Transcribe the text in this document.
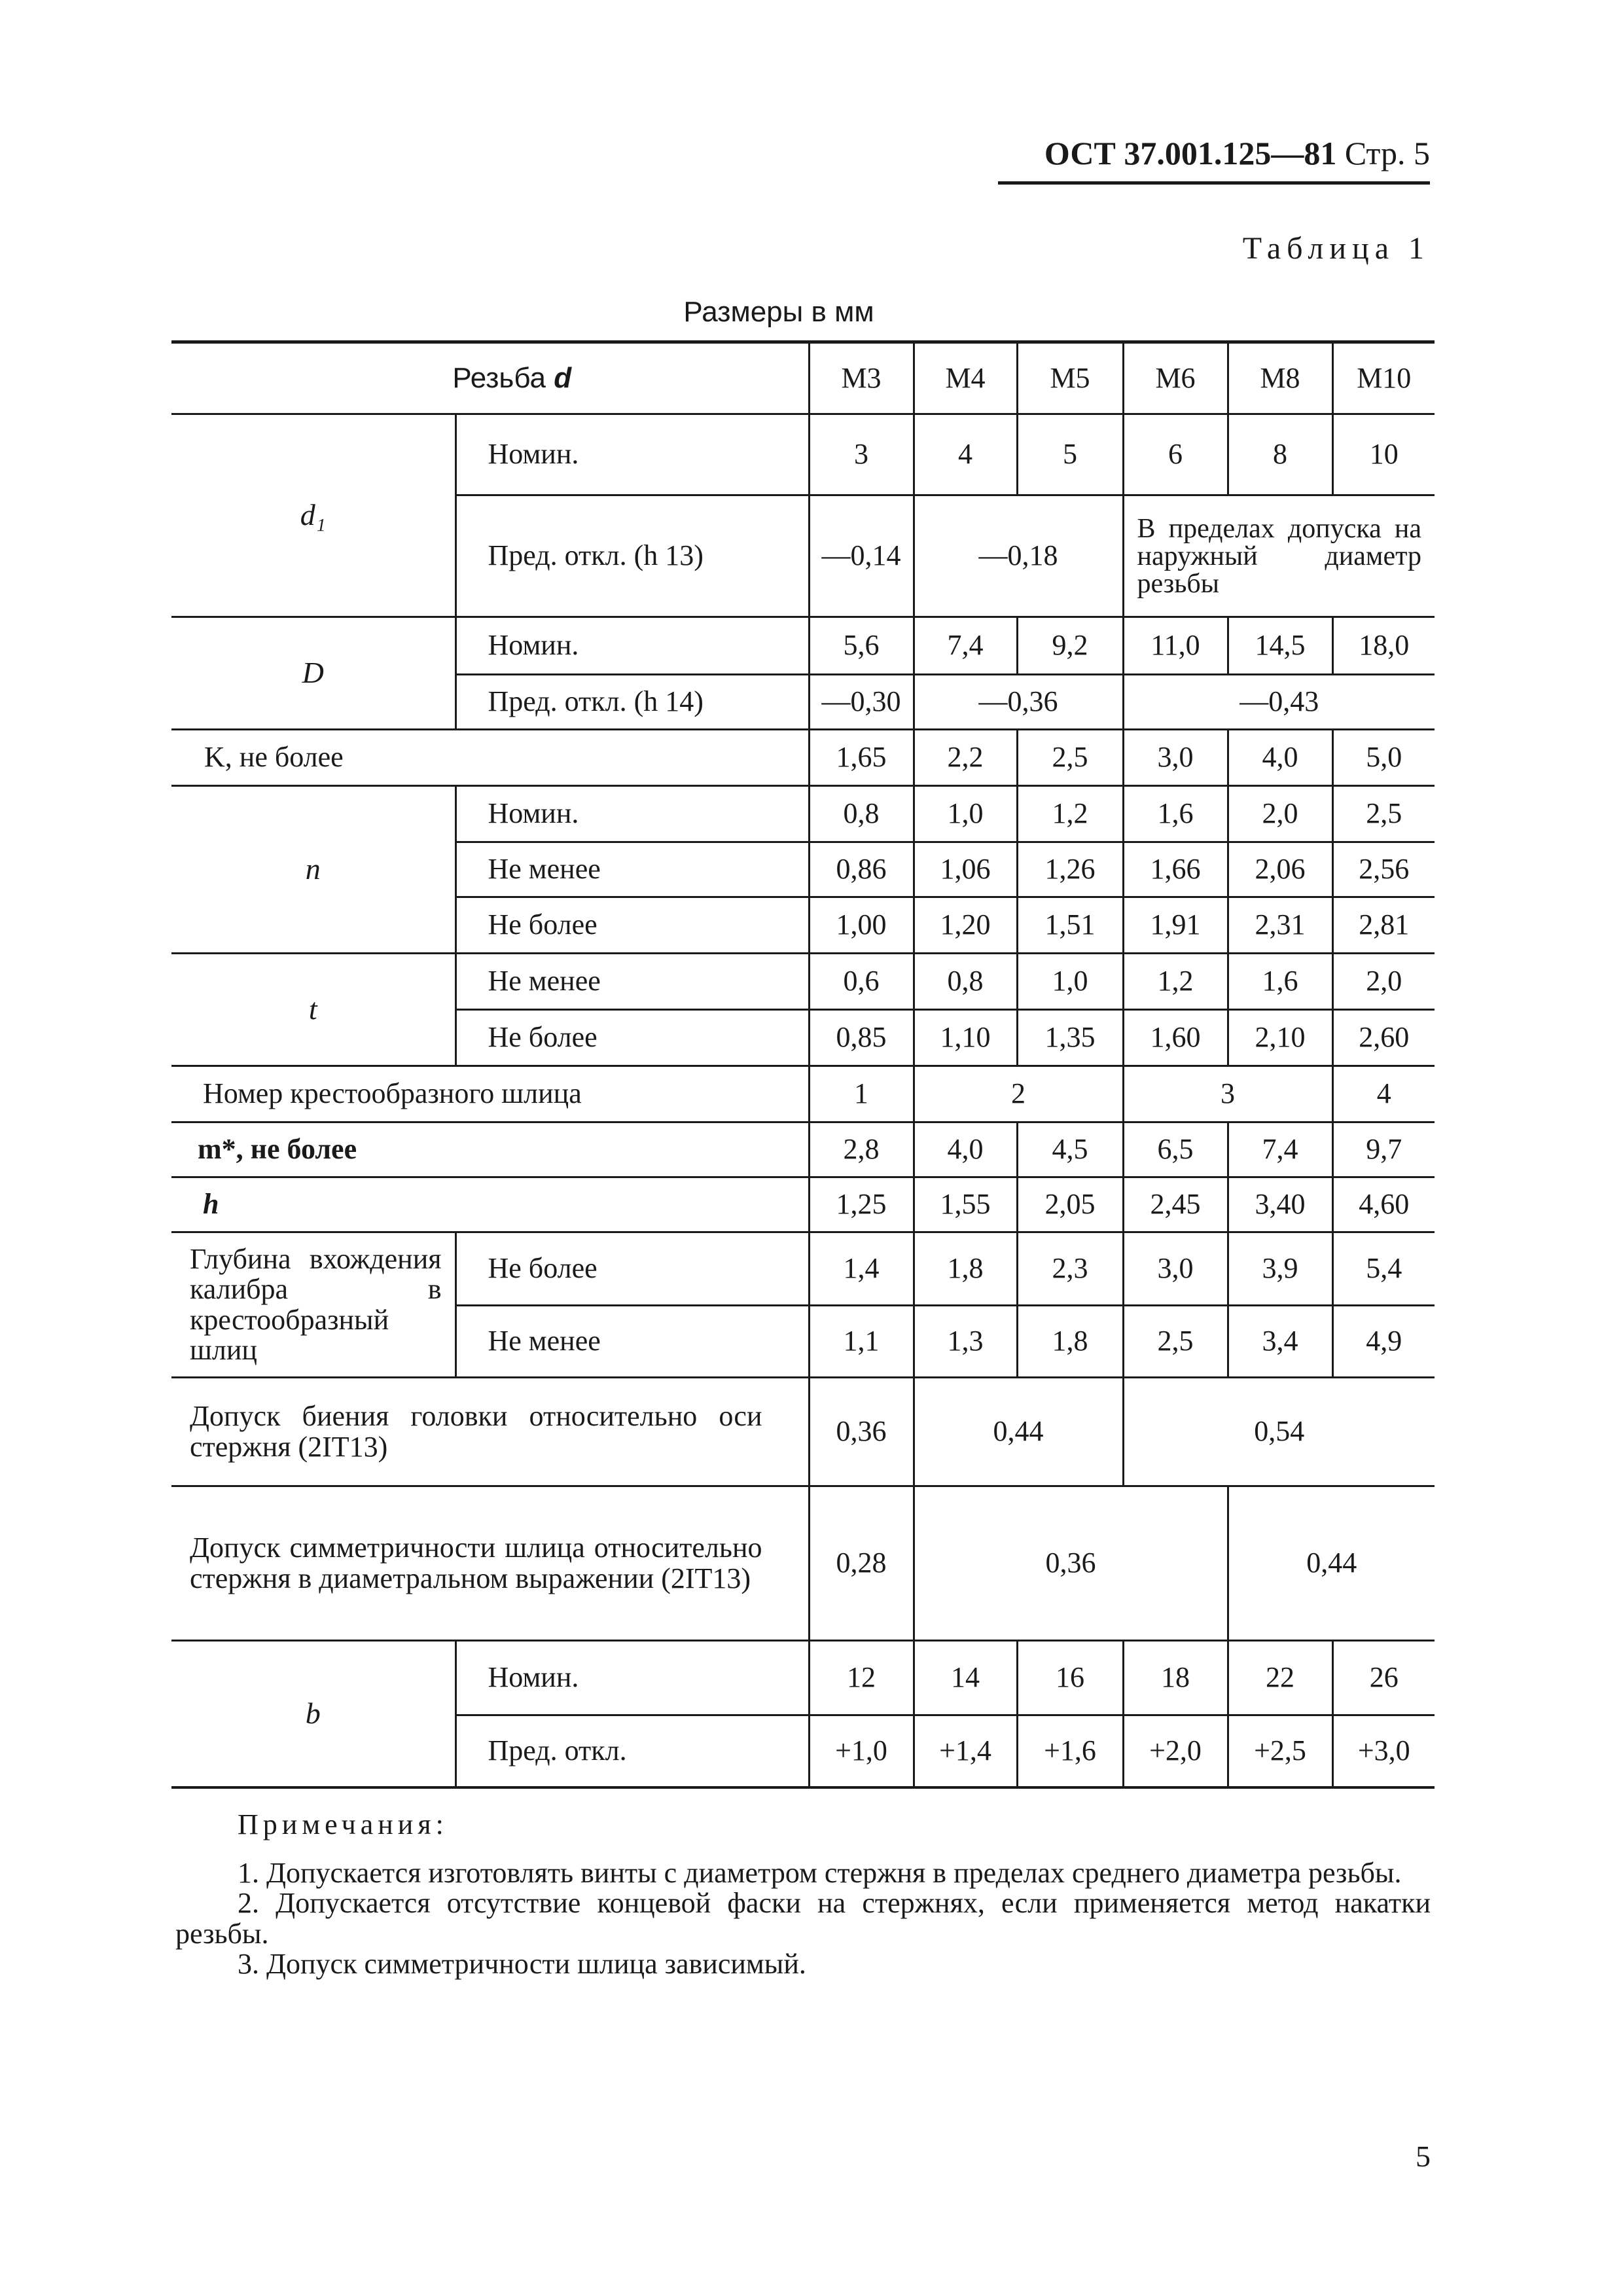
ОСТ 37.001.125—81 Стр. 5
Таблица 1
Размеры в мм
Резьба d		М3	М4	М5	М6	М8	М10
d₁	Номин.	3	4	5	6	8	10
	Пред. откл. (h 13)	—0,14	—0,18		В пределах допуска на наружный диаметр резьбы		
D	Номин.	5,6	7,4	9,2	11,0	14,5	18,0
	Пред. откл. (h 14)	—0,30	—0,36		—0,43		
K, не более		1,65	2,2	2,5	3,0	4,0	5,0
n	Номин.	0,8	1,0	1,2	1,6	2,0	2,5
	Не менее	0,86	1,06	1,26	1,66	2,06	2,56
	Не более	1,00	1,20	1,51	1,91	2,31	2,81
t	Не менее	0,6	0,8	1,0	1,2	1,6	2,0
	Не более	0,85	1,10	1,35	1,60	2,10	2,60
Номер крестообразного шлица		1	2		3		4
m*, не более		2,8	4,0	4,5	6,5	7,4	9,7
h		1,25	1,55	2,05	2,45	3,40	4,60
Глубина вхождения калибра в крестообразный шлиц	Не более	1,4	1,8	2,3	3,0	3,9	5,4
	Не менее	1,1	1,3	1,8	2,5	3,4	4,9
Допуск биения головки относительно оси стержня (2IT13)		0,36	0,44		0,54		
Допуск симметричности шлица относительно стержня в диаметральном выражении (2IT13)		0,28	0,36			0,44	
b	Номин.	12	14	16	18	22	26
	Пред. откл.	+1,0	+1,4	+1,6	+2,0	+2,5	+3,0
Примечания:

1. Допускается изготовлять винты с диаметром стержня в пределах среднего диаметра резьбы.

2. Допускается отсутствие концевой фаски на стержнях, если применяется метод накатки резьбы.

3. Допуск симметричности шлица зависимый.

5
